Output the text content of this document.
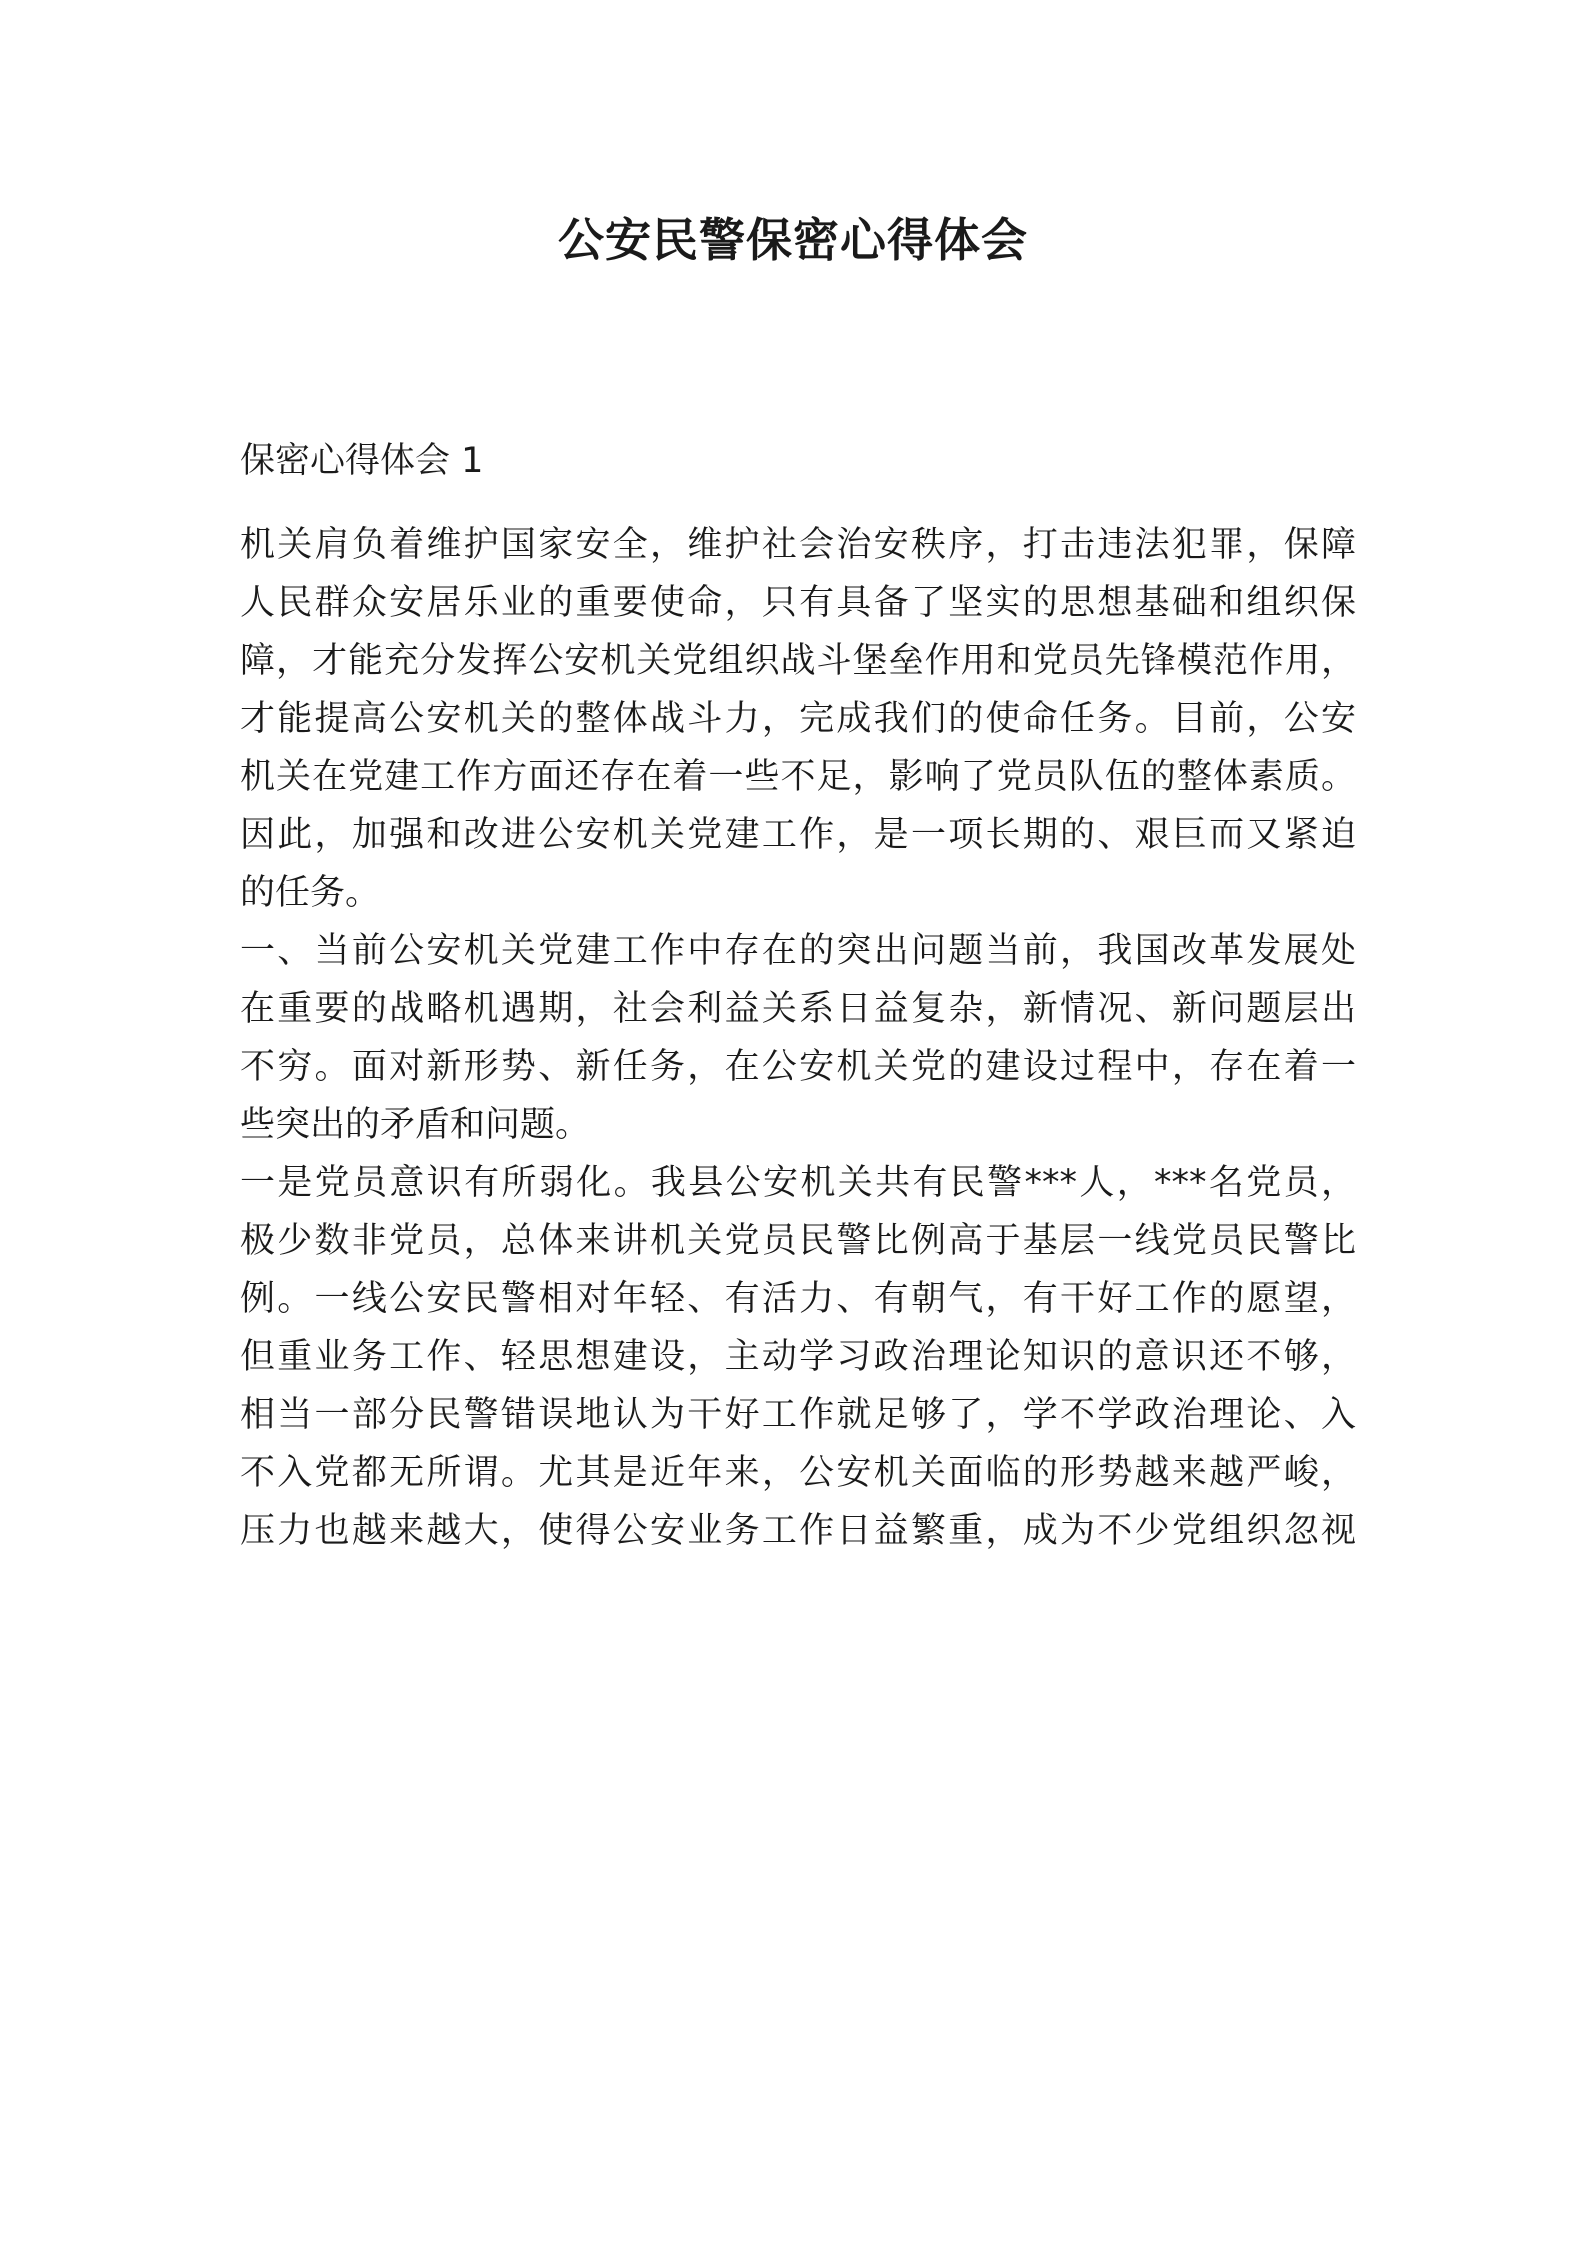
公安民警保密心得体会

保密心得体会 1

机关肩负着维护国家安全，维护社会治安秩序，打击违法犯罪，保障

人民群众安居乐业的重要使命，只有具备了坚实的思想基础和组织保

障，才能充分发挥公安机关党组织战斗堡垒作用和党员先锋模范作用，

才能提高公安机关的整体战斗力，完成我们的使命任务。目前，公安

机关在党建工作方面还存在着一些不足，影响了党员队伍的整体素质。

因此，加强和改进公安机关党建工作，是一项长期的、艰巨而又紧迫

的任务。

一、当前公安机关党建工作中存在的突出问题当前，我国改革发展处

在重要的战略机遇期，社会利益关系日益复杂，新情况、新问题层出

不穷。面对新形势、新任务，在公安机关党的建设过程中，存在着一

些突出的矛盾和问题。

一是党员意识有所弱化。我县公安机关共有民警***人，***名党员，

极少数非党员，总体来讲机关党员民警比例高于基层一线党员民警比

例。一线公安民警相对年轻、有活力、有朝气，有干好工作的愿望，

但重业务工作、轻思想建设，主动学习政治理论知识的意识还不够，

相当一部分民警错误地认为干好工作就足够了，学不学政治理论、入

不入党都无所谓。尤其是近年来，公安机关面临的形势越来越严峻，

压力也越来越大，使得公安业务工作日益繁重，成为不少党组织忽视
